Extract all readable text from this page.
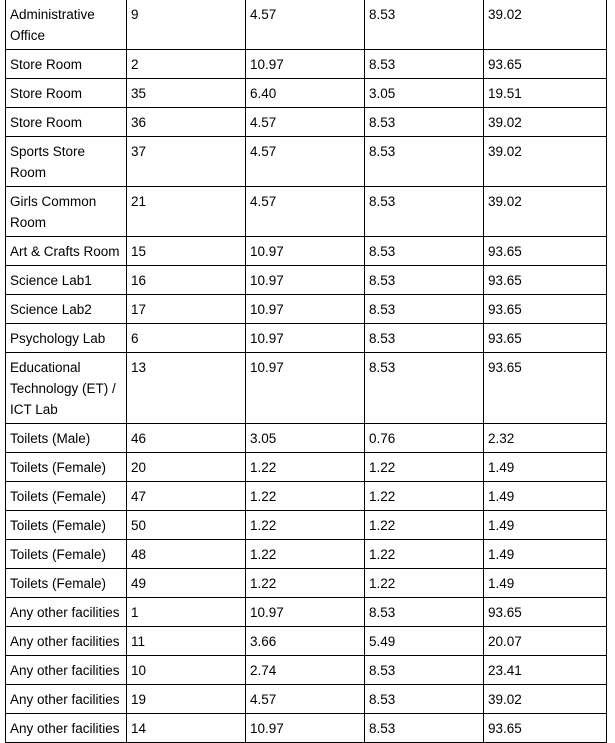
Administrative Office	9	4.57	8.53	39.02
Store Room	2	10.97	8.53	93.65
Store Room	35	6.40	3.05	19.51
Store Room	36	4.57	8.53	39.02
Sports Store Room	37	4.57	8.53	39.02
Girls Common Room	21	4.57	8.53	39.02
Art & Crafts Room	15	10.97	8.53	93.65
Science Lab1	16	10.97	8.53	93.65
Science Lab2	17	10.97	8.53	93.65
Psychology Lab	6	10.97	8.53	93.65
Educational Technology (ET) / ICT Lab	13	10.97	8.53	93.65
Toilets (Male)	46	3.05	0.76	2.32
Toilets (Female)	20	1.22	1.22	1.49
Toilets (Female)	47	1.22	1.22	1.49
Toilets (Female)	50	1.22	1.22	1.49
Toilets (Female)	48	1.22	1.22	1.49
Toilets (Female)	49	1.22	1.22	1.49
Any other facilities	1	10.97	8.53	93.65
Any other facilities	11	3.66	5.49	20.07
Any other facilities	10	2.74	8.53	23.41
Any other facilities	19	4.57	8.53	39.02
Any other facilities	14	10.97	8.53	93.65
